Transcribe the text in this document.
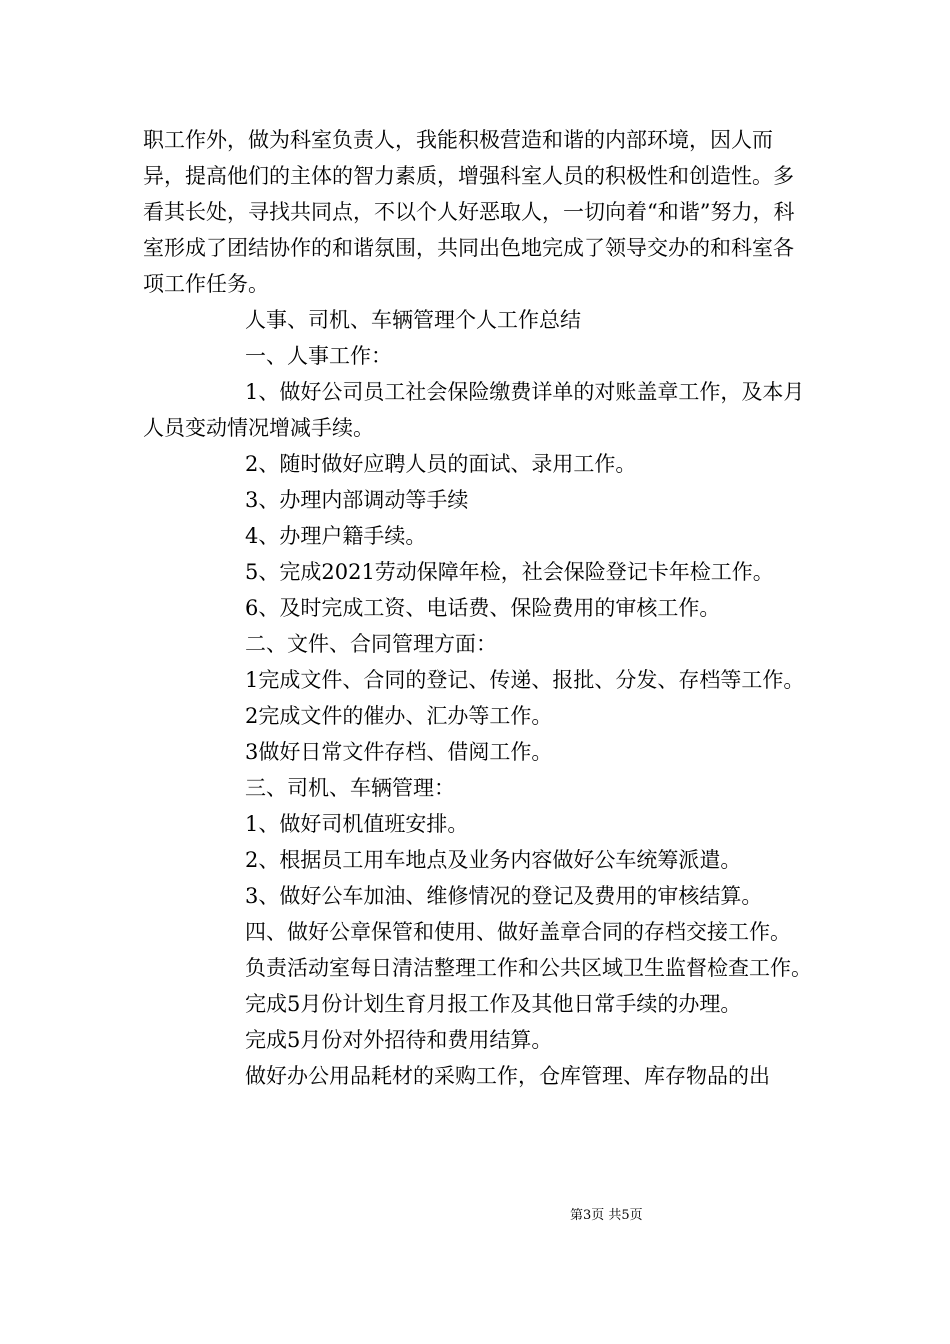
职工作外，做为科室负责人，我能积极营造和谐的内部环境，因人而异，提高他们的主体的智力素质，增强科室人员的积极性和创造性。多看其长处，寻找共同点，不以个人好恶取人，一切向着“和谐”努力，科室形成了团结协作的和谐氛围，共同出色地完成了领导交办的和科室各项工作任务。

人事、司机、车辆管理个人工作总结

一、人事工作：

1、做好公司员工社会保险缴费详单的对账盖章工作，及本月人员变动情况增减手续。

2、随时做好应聘人员的面试、录用工作。

3、办理内部调动等手续

4、办理户籍手续。

5、完成2021劳动保障年检，社会保险登记卡年检工作。

6、及时完成工资、电话费、保险费用的审核工作。

二、文件、合同管理方面：

1完成文件、合同的登记、传递、报批、分发、存档等工作。

2完成文件的催办、汇办等工作。

3做好日常文件存档、借阅工作。

三、司机、车辆管理：

1、做好司机值班安排。

2、根据员工用车地点及业务内容做好公车统筹派遣。

3、做好公车加油、维修情况的登记及费用的审核结算。

四、做好公章保管和使用、做好盖章合同的存档交接工作。

负责活动室每日清洁整理工作和公共区域卫生监督检查工作。

完成5月份计划生育月报工作及其他日常手续的办理。

完成5月份对外招待和费用结算。

做好办公用品耗材的采购工作，仓库管理、库存物品的出

第3页 共5页
